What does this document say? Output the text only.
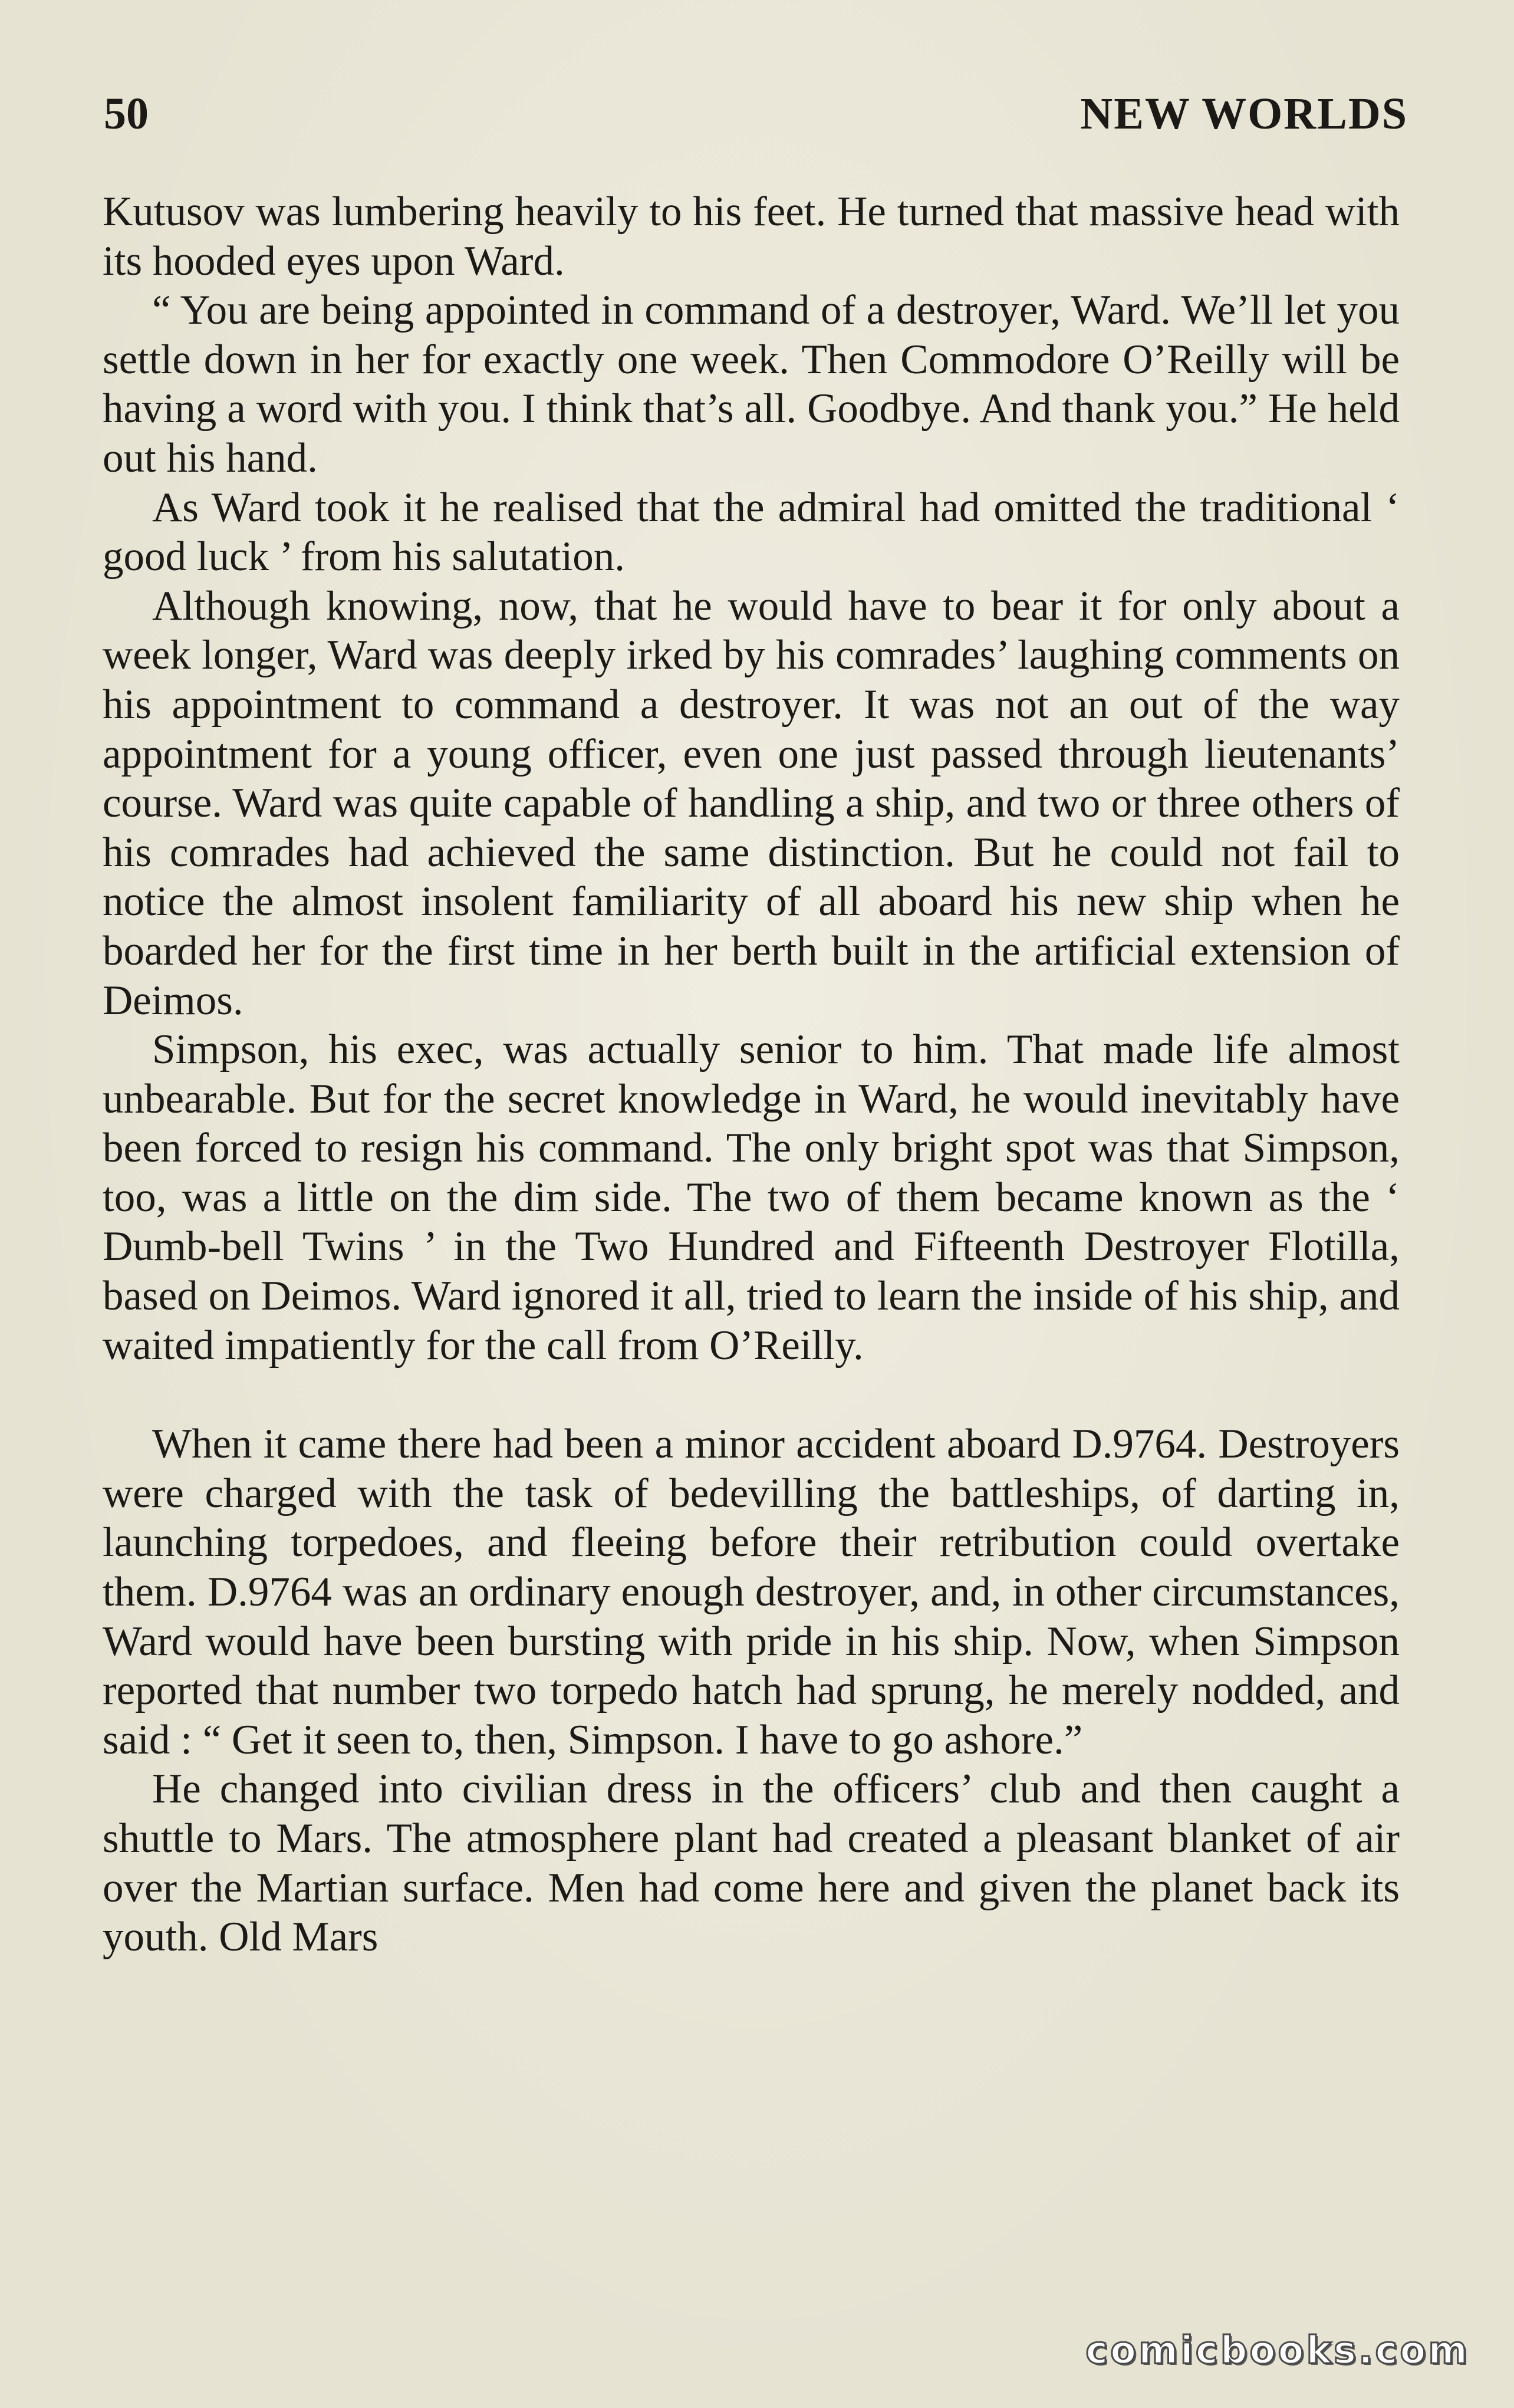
50	NEW WORLDS

Kutusov was lumbering heavily to his feet. He turned that massive head with its hooded eyes upon Ward.

“ You are being appointed in command of a destroyer, Ward. We’ll let you settle down in her for exactly one week. Then Commodore O’Reilly will be having a word with you. I think that’s all. Goodbye. And thank you.” He held out his hand.

As Ward took it he realised that the admiral had omitted the traditional ‘ good luck ’ from his salutation.

Although knowing, now, that he would have to bear it for only about a week longer, Ward was deeply irked by his comrades’ laughing comments on his appointment to command a destroyer. It was not an out of the way appointment for a young officer, even one just passed through lieutenants’ course. Ward was quite capable of handling a ship, and two or three others of his comrades had achieved the same distinction. But he could not fail to notice the almost insolent familiarity of all aboard his new ship when he boarded her for the first time in her berth built in the artificial extension of Deimos.

Simpson, his exec, was actually senior to him. That made life almost unbearable. But for the secret knowledge in Ward, he would inevitably have been forced to resign his command. The only bright spot was that Simpson, too, was a little on the dim side. The two of them became known as the ‘ Dumb-bell Twins ’ in the Two Hundred and Fifteenth Destroyer Flotilla, based on Deimos. Ward ignored it all, tried to learn the inside of his ship, and waited impatiently for the call from O’Reilly.

When it came there had been a minor accident aboard D.9764. Destroyers were charged with the task of bedevilling the battleships, of darting in, launching torpedoes, and fleeing before their retribution could overtake them. D.9764 was an ordinary enough destroyer, and, in other circumstances, Ward would have been bursting with pride in his ship. Now, when Simpson reported that number two torpedo hatch had sprung, he merely nodded, and said : “ Get it seen to, then, Simpson. I have to go ashore.”

He changed into civilian dress in the officers’ club and then caught a shuttle to Mars. The atmosphere plant had created a pleasant blanket of air over the Martian surface. Men had come here and given the planet back its youth. Old Mars

comicbooks.com
